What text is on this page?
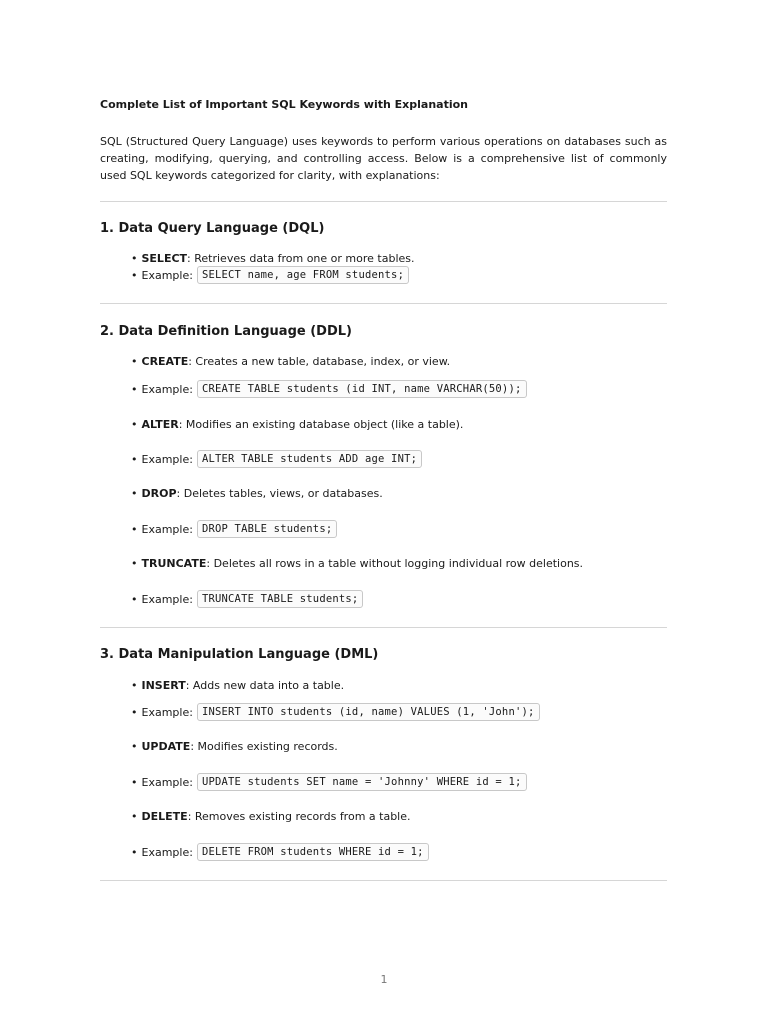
Complete List of Important SQL Keywords with Explanation

SQL (Structured Query Language) uses keywords to perform various operations on databases such as creating, modifying, querying, and controlling access. Below is a comprehensive list of commonly used SQL keywords categorized for clarity, with explanations:

1. Data Query Language (DQL)
• SELECT : Retrieves data from one or more tables.
• Example: SELECT name, age FROM students;
2. Data Definition Language (DDL)
• CREATE : Creates a new table, database, index, or view.
• Example: CREATE TABLE students (id INT, name VARCHAR(50));
• ALTER : Modifies an existing database object (like a table).
• Example: ALTER TABLE students ADD age INT;
• DROP : Deletes tables, views, or databases.
• Example: DROP TABLE students;
• TRUNCATE : Deletes all rows in a table without logging individual row deletions.
• Example: TRUNCATE TABLE students;
3. Data Manipulation Language (DML)
• INSERT : Adds new data into a table.
• Example: INSERT INTO students (id, name) VALUES (1, 'John');
• UPDATE : Modifies existing records.
• Example: UPDATE students SET name = 'Johnny' WHERE id = 1;
• DELETE : Removes existing records from a table.
• Example: DELETE FROM students WHERE id = 1;
1
